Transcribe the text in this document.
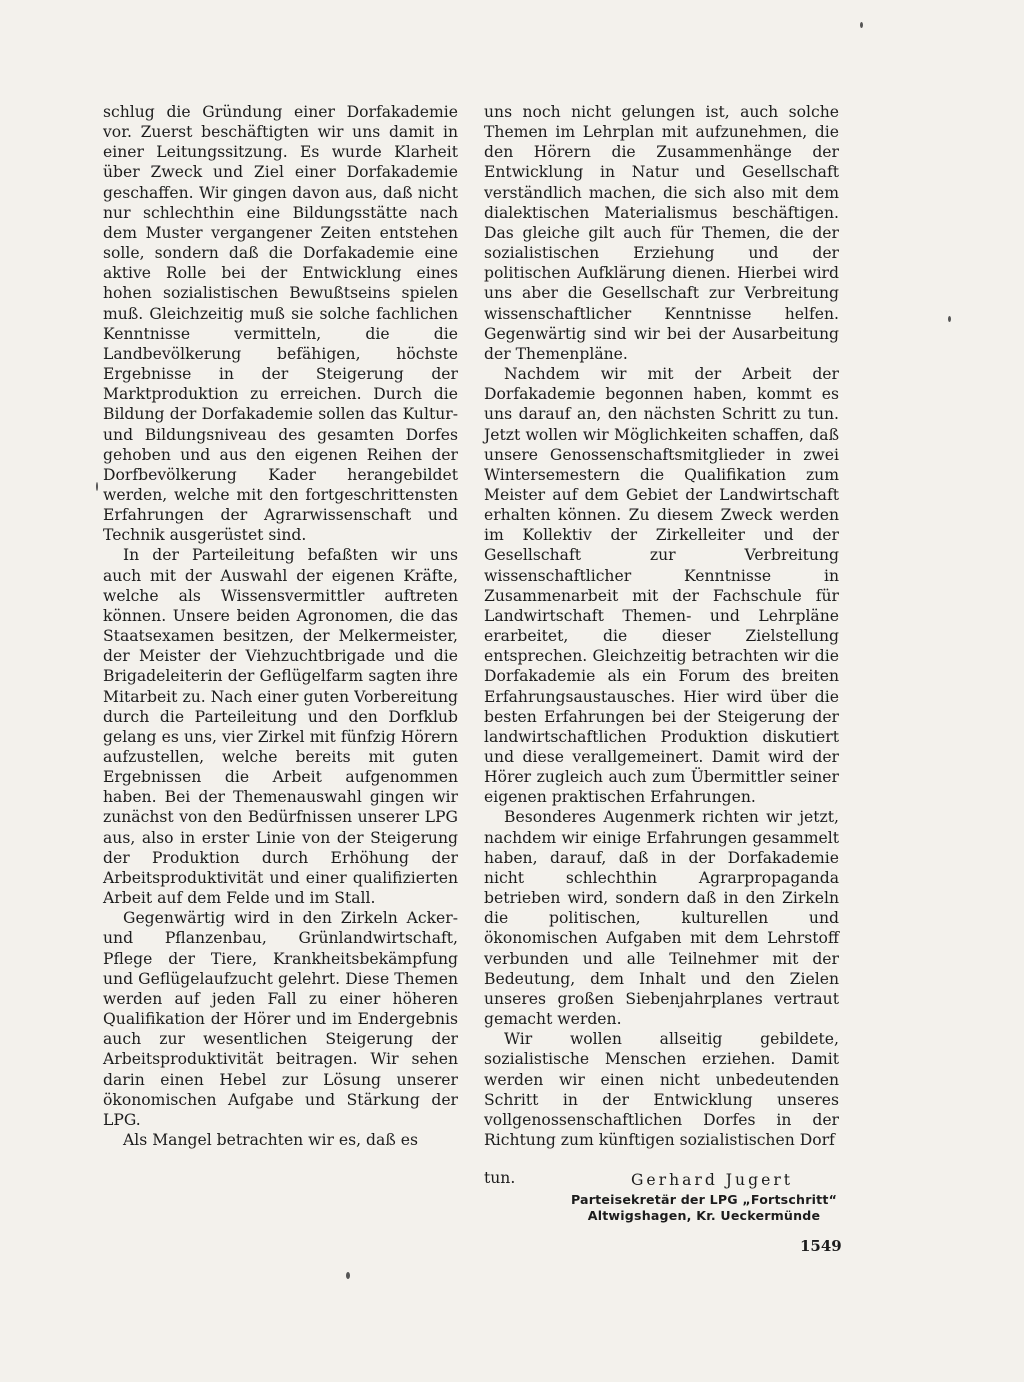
schlug die Gründung einer Dorfakademie vor. Zuerst beschäftigten wir uns damit in einer Leitungssitzung. Es wurde Klarheit über Zweck und Ziel einer Dorfakademie geschaffen. Wir gingen davon aus, daß nicht nur schlechthin eine Bildungsstätte nach dem Muster vergangener Zeiten entstehen solle, sondern daß die Dorfakademie eine aktive Rolle bei der Entwicklung eines hohen sozialistischen Bewußtseins spielen muß. Gleichzeitig muß sie solche fachlichen Kenntnisse vermitteln, die die Landbevölkerung befähigen, höchste Ergebnisse in der Steigerung der Marktproduktion zu erreichen. Durch die Bildung der Dorfakademie sollen das Kultur- und Bildungsniveau des gesamten Dorfes gehoben und aus den eigenen Reihen der Dorfbevölkerung Kader herangebildet werden, welche mit den fortgeschrittensten Erfahrungen der Agrarwissenschaft und Technik ausgerüstet sind.

In der Parteileitung befaßten wir uns auch mit der Auswahl der eigenen Kräfte, welche als Wissensvermittler auftreten können. Unsere beiden Agronomen, die das Staatsexamen besitzen, der Melkermeister, der Meister der Viehzuchtbrigade und die Brigadeleiterin der Geflügelfarm sagten ihre Mitarbeit zu. Nach einer guten Vorbereitung durch die Parteileitung und den Dorfklub gelang es uns, vier Zirkel mit fünfzig Hörern aufzustellen, welche bereits mit guten Ergebnissen die Arbeit aufgenommen haben. Bei der Themenauswahl gingen wir zunächst von den Bedürfnissen unserer LPG aus, also in erster Linie von der Steigerung der Produktion durch Erhöhung der Arbeitsproduktivität und einer qualifizierten Arbeit auf dem Felde und im Stall.

Gegenwärtig wird in den Zirkeln Acker- und Pflanzenbau, Grünlandwirtschaft, Pflege der Tiere, Krankheitsbekämpfung und Geflügelaufzucht gelehrt. Diese Themen werden auf jeden Fall zu einer höheren Qualifikation der Hörer und im Endergebnis auch zur wesentlichen Steigerung der Arbeitsproduktivität beitragen. Wir sehen darin einen Hebel zur Lösung unserer ökonomischen Aufgabe und Stärkung der LPG.

Als Mangel betrachten wir es, daß es

uns noch nicht gelungen ist, auch solche Themen im Lehrplan mit aufzunehmen, die den Hörern die Zusammenhänge der Entwicklung in Natur und Gesellschaft verständlich machen, die sich also mit dem dialektischen Materialismus beschäftigen. Das gleiche gilt auch für Themen, die der sozialistischen Erziehung und der politischen Aufklärung dienen. Hierbei wird uns aber die Gesellschaft zur Verbreitung wissenschaftlicher Kenntnisse helfen. Gegenwärtig sind wir bei der Ausarbeitung der Themenpläne.

Nachdem wir mit der Arbeit der Dorfakademie begonnen haben, kommt es uns darauf an, den nächsten Schritt zu tun. Jetzt wollen wir Möglichkeiten schaffen, daß unsere Genossenschaftsmitglieder in zwei Wintersemestern die Qualifikation zum Meister auf dem Gebiet der Landwirtschaft erhalten können. Zu diesem Zweck werden im Kollektiv der Zirkelleiter und der Gesellschaft zur Verbreitung wissenschaftlicher Kenntnisse in Zusammenarbeit mit der Fachschule für Landwirtschaft Themen- und Lehrpläne erarbeitet, die dieser Zielstellung entsprechen. Gleichzeitig betrachten wir die Dorfakademie als ein Forum des breiten Erfahrungsaustausches. Hier wird über die besten Erfahrungen bei der Steigerung der landwirtschaftlichen Produktion diskutiert und diese verallgemeinert. Damit wird der Hörer zugleich auch zum Übermittler seiner eigenen praktischen Erfahrungen.

Besonderes Augenmerk richten wir jetzt, nachdem wir einige Erfahrungen gesammelt haben, darauf, daß in der Dorfakademie nicht schlechthin Agrarpropaganda betrieben wird, sondern daß in den Zirkeln die politischen, kulturellen und ökonomischen Aufgaben mit dem Lehrstoff verbunden und alle Teilnehmer mit der Bedeutung, dem Inhalt und den Zielen unseres großen Siebenjahrplanes vertraut gemacht werden.

Wir wollen allseitig gebildete, sozialistische Menschen erziehen. Damit werden wir einen nicht unbedeutenden Schritt in der Entwicklung unseres vollgenossenschaftlichen Dorfes in der Richtung zum künftigen sozialistischen Dorf

tun.	Gerhard Jugert
Parteisekretär der LPG „Fortschritt“
Altwigshagen, Kr. Ueckermünde
1549
